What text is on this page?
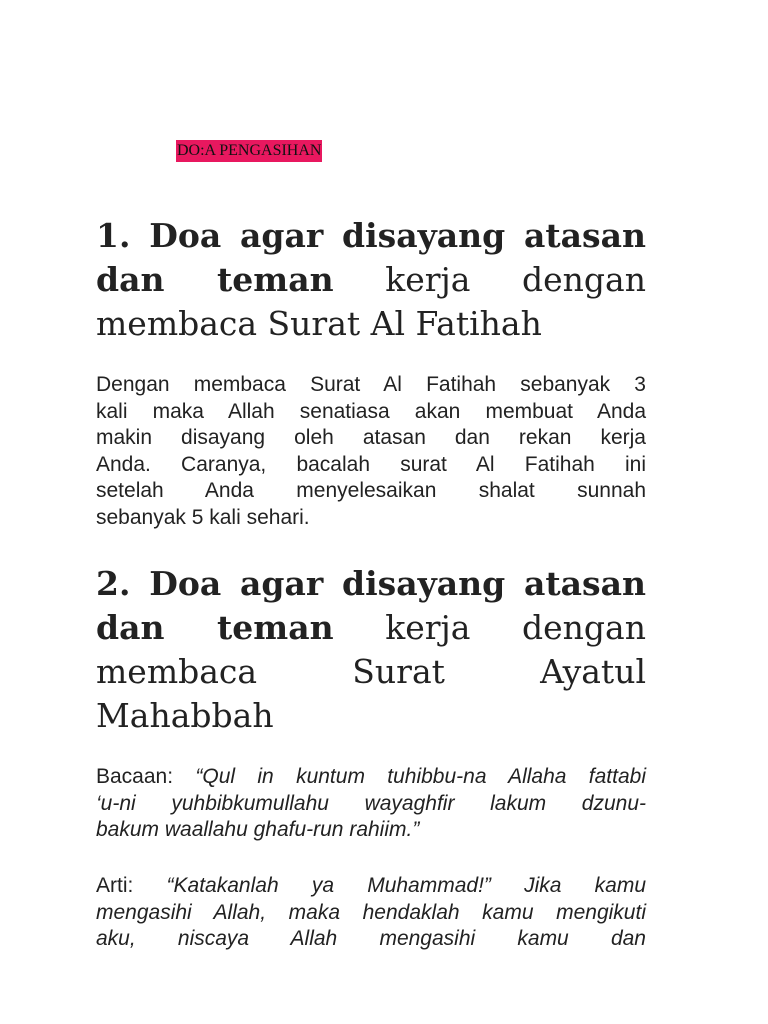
DO:A PENGASIHAN
1. Doa agar disayang atasan
dan teman kerja dengan
membaca Surat Al Fatihah

Dengan membaca Surat Al Fatihah sebanyak 3
kali maka Allah senatiasa akan membuat Anda
makin disayang oleh atasan dan rekan kerja
Anda. Caranya, bacalah surat Al Fatihah ini
setelah Anda menyelesaikan shalat sunnah
sebanyak 5 kali sehari.

2. Doa agar disayang atasan
dan teman kerja dengan
membaca Surat Ayatul
Mahabbah

Bacaan: “Qul in kuntum tuhibbu-na Allaha fattabi
‘u-ni yuhbibkumullahu wayaghfir lakum dzunu-
bakum waallahu ghafu-run rahiim.”

Arti: “Katakanlah ya Muhammad!” Jika kamu
mengasihi Allah, maka hendaklah kamu mengikuti
aku, niscaya Allah mengasihi kamu dan
